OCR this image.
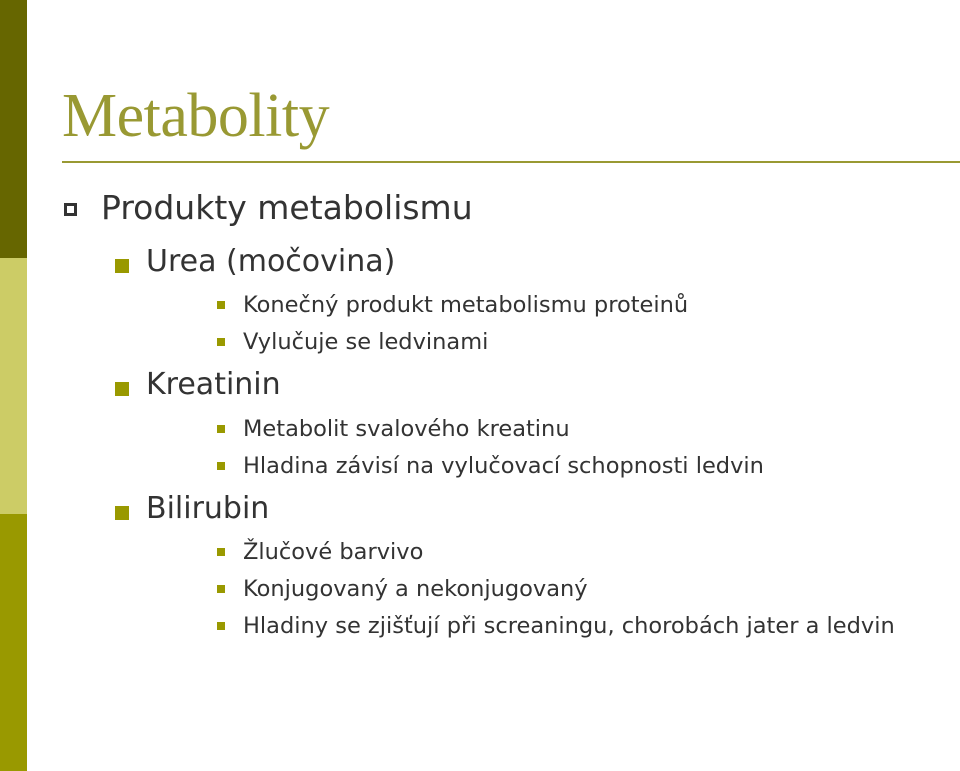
Metabolity
Produkty metabolismu
Urea (močovina)
Konečný produkt metabolismu proteinů
Vylučuje se ledvinami
Kreatinin
Metabolit svalového kreatinu
Hladina závisí na vylučovací schopnosti ledvin
Bilirubin
Žlučové barvivo
Konjugovaný a nekonjugovaný
Hladiny se zjišťují při screaningu, chorobách jater a ledvin
